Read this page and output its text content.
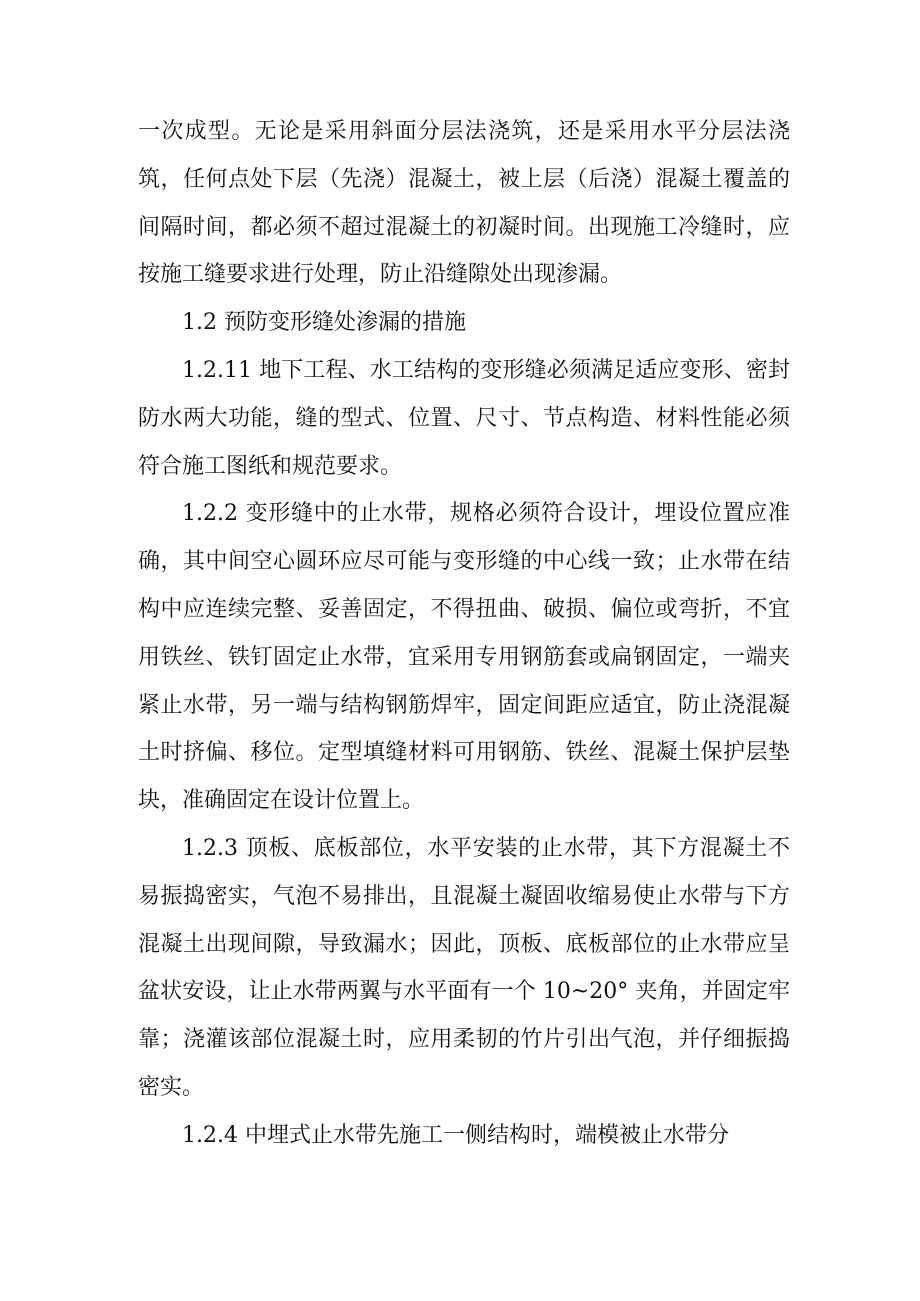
一次成型。无论是采用斜面分层法浇筑，还是采用水平分层法浇筑，任何点处下层（先浇）混凝土，被上层（后浇）混凝土覆盖的间隔时间，都必须不超过混凝土的初凝时间。出现施工冷缝时，应按施工缝要求进行处理，防止沿缝隙处出现渗漏。

1.2 预防变形缝处渗漏的措施

1.2.11 地下工程、水工结构的变形缝必须满足适应变形、密封防水两大功能，缝的型式、位置、尺寸、节点构造、材料性能必须符合施工图纸和规范要求。

1.2.2 变形缝中的止水带，规格必须符合设计，埋设位置应准确，其中间空心圆环应尽可能与变形缝的中心线一致；止水带在结构中应连续完整、妥善固定，不得扭曲、破损、偏位或弯折，不宜用铁丝、铁钉固定止水带，宜采用专用钢筋套或扁钢固定，一端夹紧止水带，另一端与结构钢筋焊牢，固定间距应适宜，防止浇混凝土时挤偏、移位。定型填缝材料可用钢筋、铁丝、混凝土保护层垫块，准确固定在设计位置上。

1.2.3 顶板、底板部位，水平安装的止水带，其下方混凝土不易振捣密实，气泡不易排出，且混凝土凝固收缩易使止水带与下方混凝土出现间隙，导致漏水；因此，顶板、底板部位的止水带应呈盆状安设，让止水带两翼与水平面有一个 10~20° 夹角，并固定牢靠；浇灌该部位混凝土时，应用柔韧的竹片引出气泡，并仔细振捣密实。

1.2.4 中埋式止水带先施工一侧结构时，端模被止水带分
